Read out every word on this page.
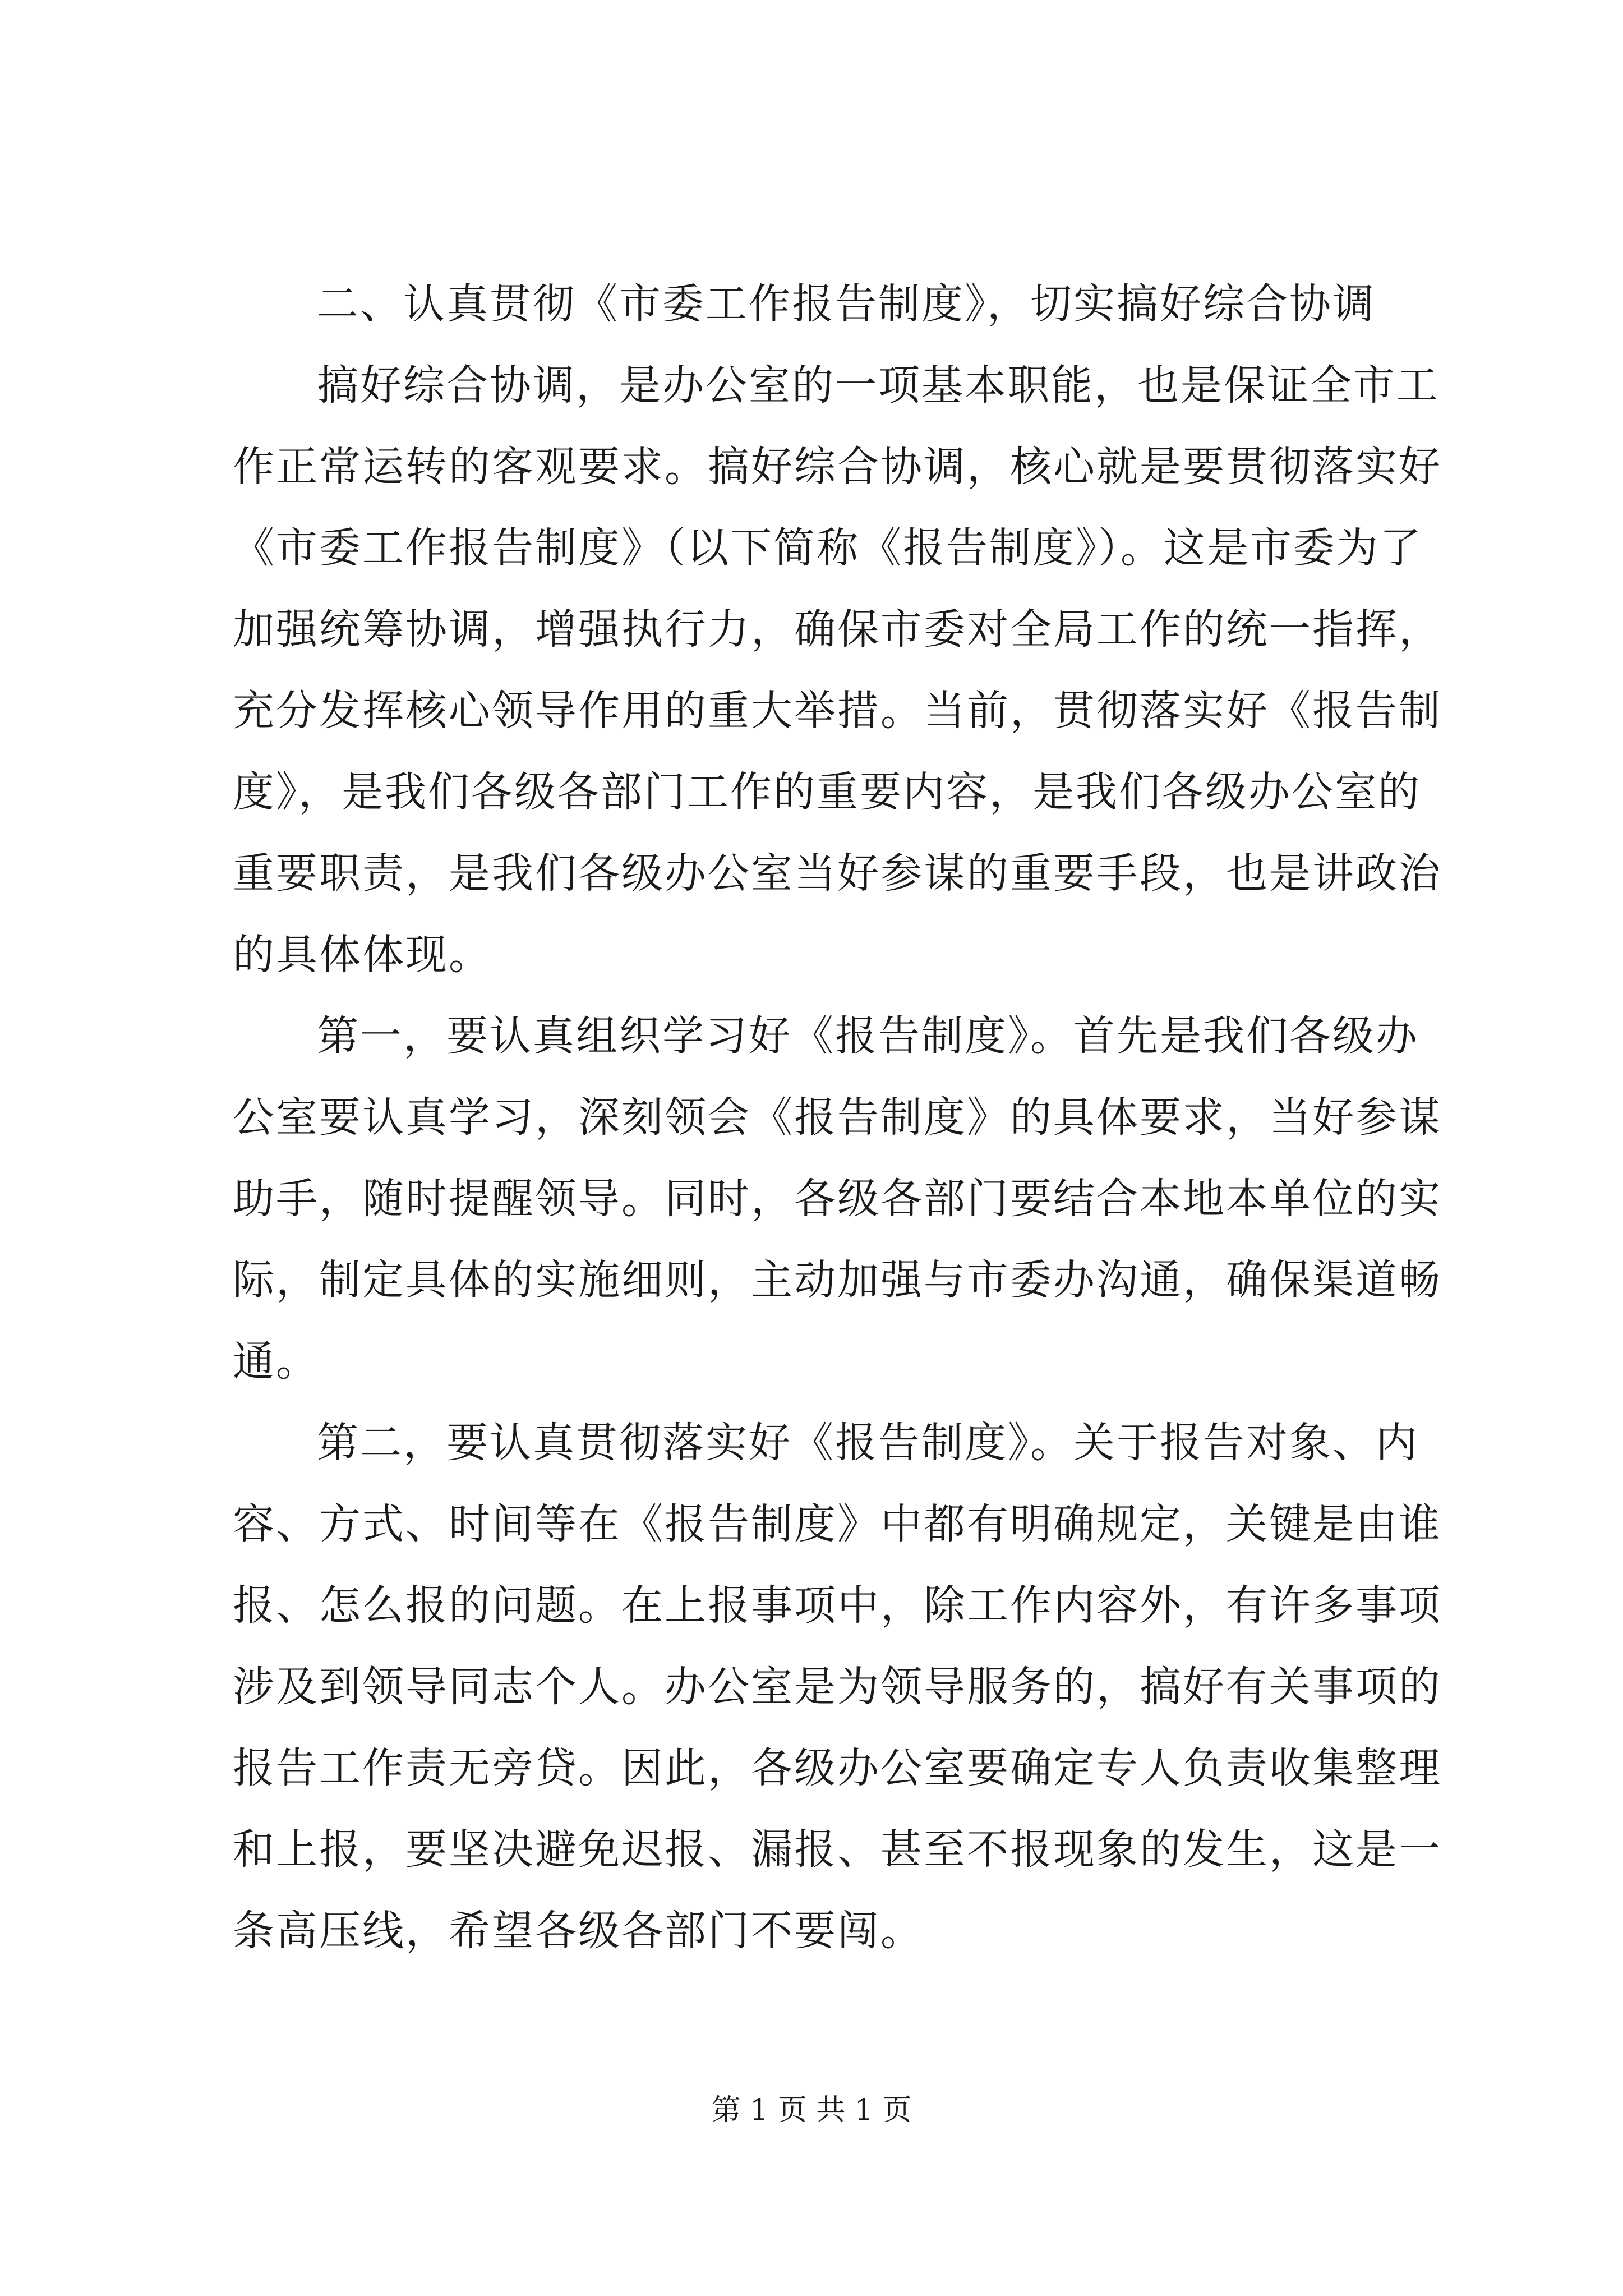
二、认真贯彻《市委工作报告制度》，切实搞好综合协调
搞好综合协调，是办公室的一项基本职能，也是保证全市工
作正常运转的客观要求。搞好综合协调，核心就是要贯彻落实好
《市委工作报告制度》（以下简称《报告制度》）。这是市委为了
加强统筹协调，增强执行力，确保市委对全局工作的统一指挥，
充分发挥核心领导作用的重大举措。当前，贯彻落实好《报告制
度》，是我们各级各部门工作的重要内容，是我们各级办公室的
重要职责，是我们各级办公室当好参谋的重要手段，也是讲政治
的具体体现。
第一，要认真组织学习好《报告制度》。首先是我们各级办
公室要认真学习，深刻领会《报告制度》的具体要求，当好参谋
助手，随时提醒领导。同时，各级各部门要结合本地本单位的实
际，制定具体的实施细则，主动加强与市委办沟通，确保渠道畅
通。
第二，要认真贯彻落实好《报告制度》。关于报告对象、内
容、方式、时间等在《报告制度》中都有明确规定，关键是由谁
报、怎么报的问题。在上报事项中，除工作内容外，有许多事项
涉及到领导同志个人。办公室是为领导服务的，搞好有关事项的
报告工作责无旁贷。因此，各级办公室要确定专人负责收集整理
和上报，要坚决避免迟报、漏报、甚至不报现象的发生，这是一
条高压线，希望各级各部门不要闯。
第 1 页 共 1 页
